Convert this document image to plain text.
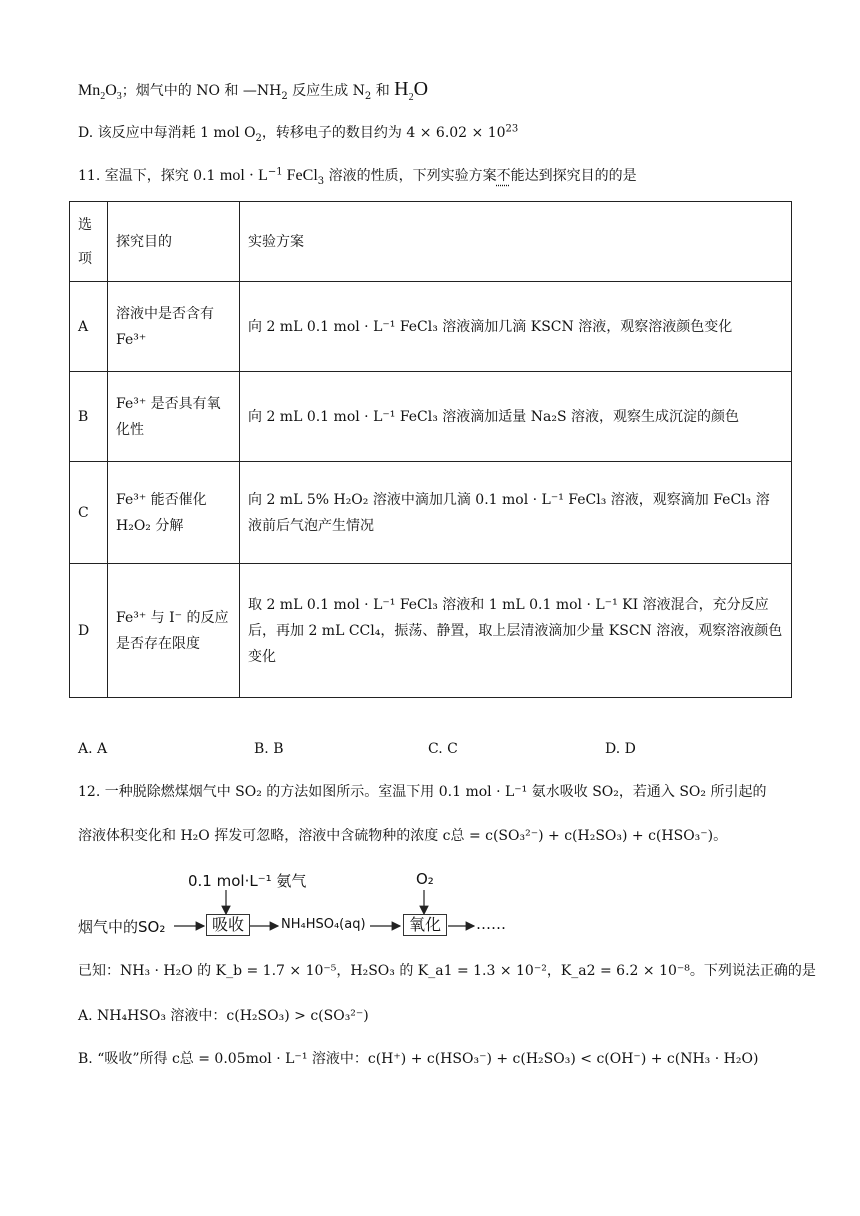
$Mn_2O_3$；烟气中的 NO 和 $—NH_2$ 反应生成 $N_2$ 和 $H_2O$
D. 该反应中每消耗 1 mol $O_2$，转移电子的数目约为 $4 \times 6.02 \times 10^{23}$
11. 室温下，探究 0.1 mol · $L^{-1}$ FeCl$_3$ 溶液的性质，下列实验方案不能达到探究目的的是
选项	探究目的	实验方案
A	溶液中是否含有 Fe³⁺	向 2 mL 0.1 mol · L⁻¹ FeCl₃ 溶液滴加几滴 KSCN 溶液，观察溶液颜色变化
B	Fe³⁺ 是否具有氧化性	向 2 mL 0.1 mol · L⁻¹ FeCl₃ 溶液滴加适量 Na₂S 溶液，观察生成沉淀的颜色
C	Fe³⁺ 能否催化 H₂O₂ 分解	向 2 mL 5% H₂O₂ 溶液中滴加几滴 0.1 mol · L⁻¹ FeCl₃ 溶液，观察滴加 FeCl₃ 溶液前后气泡产生情况
D	Fe³⁺ 与 I⁻ 的反应是否存在限度	取 2 mL 0.1 mol · L⁻¹ FeCl₃ 溶液和 1 mL 0.1 mol · L⁻¹ KI 溶液混合，充分反应后，再加 2 mL CCl₄，振荡、静置，取上层清液滴加少量 KSCN 溶液，观察溶液颜色变化
A. A	B. B	C. C	D. D
12. 一种脱除燃煤烟气中 SO₂ 的方法如图所示。室温下用 0.1 mol · L⁻¹ 氨水吸收 SO₂，若通入 SO₂ 所引起的
溶液体积变化和 H₂O 挥发可忽略，溶液中含硫物种的浓度 c总 = c(SO₃²⁻) + c(H₂SO₃) + c(HSO₃⁻)。
0.1 mol·L⁻¹ 氨气	O₂
烟气中的SO₂	吸收	NH₄HSO₄(aq)	氧化	……
已知：NH₃ · H₂O 的 K_b = 1.7 × 10⁻⁵，H₂SO₃ 的 K_a1 = 1.3 × 10⁻²，K_a2 = 6.2 × 10⁻⁸。下列说法正确的是
A. NH₄HSO₃ 溶液中：c(H₂SO₃) > c(SO₃²⁻)
B. “吸收”所得 c总 = 0.05mol · L⁻¹ 溶液中：c(H⁺) + c(HSO₃⁻) + c(H₂SO₃) < c(OH⁻) + c(NH₃ · H₂O)
